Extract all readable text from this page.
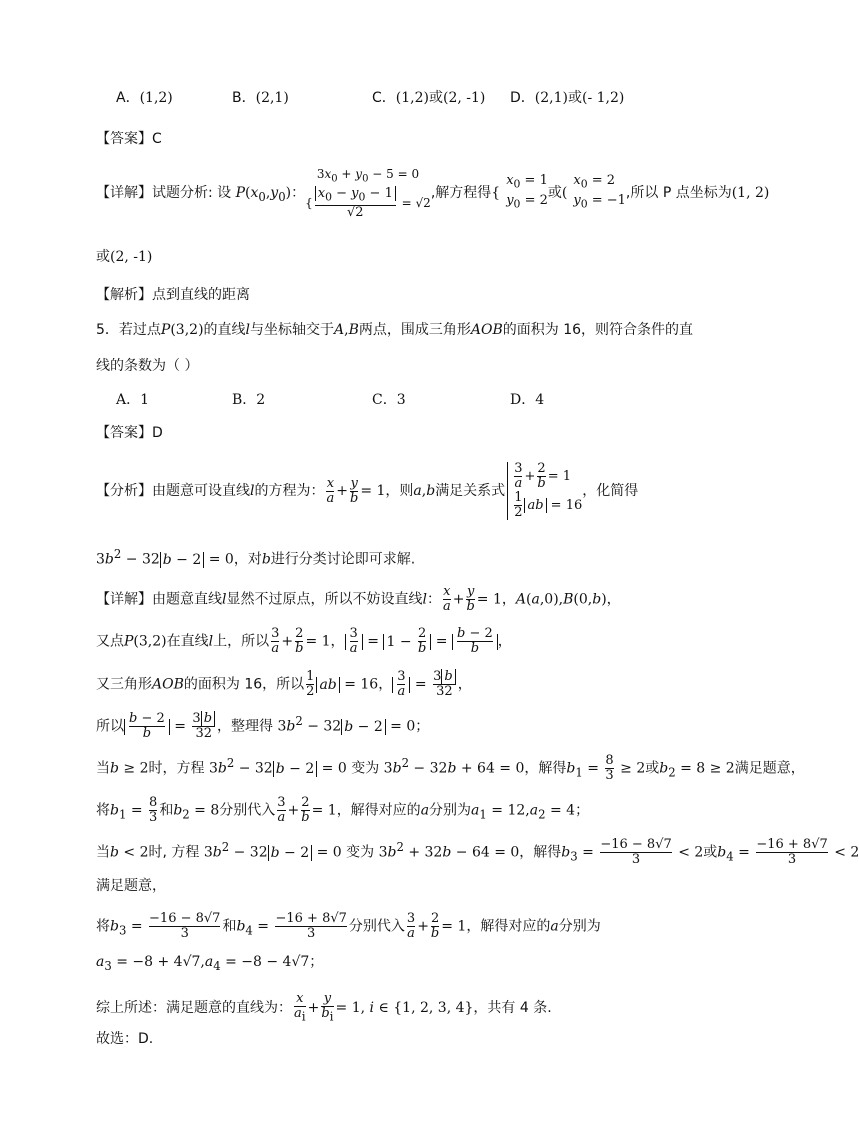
A．(1,2)	B．(2,1)	C．(1,2)或(2, -1) D．(2,1)或(- 1,2)
【答案】C
【详解】试题分析: 设 $P(x_0,y_0)$：
$3x_0 + y_0 - 5 = 0$
{ $\frac{x_0 - y_0 - 1}{√2} = √2$
,解方程得{
$x_0 = 1$
$y_0 = 2$ 或(
$x_0 = 2$
$y_0 = -1$ ,所以 P 点坐标为(1, 2)
或(2, -1)
【解析】点到直线的距离
5．若过点P(3,2)的直线l与坐标轴交于A,B两点，围成三角形AOB的面积为 16，则符合条件的直
线的条数为（ ）
A．1	B．2	C．3	D．4
【答案】D
【分析】由题意可设直线l的方程为： $\frac{x}{a} + \frac{y}{b} = 1$，则a,b满足关系式 $\frac{3}{a} + \frac{2}{b} = 1$
$\frac{1}{2}$ ab = 16
，化简得
$3b^2 - 32$ b − 2 = 0，对b进行分类讨论即可求解.
【详解】由题意直线l显然不过原点，所以不妨设直线l： $\frac{x}{a} + \frac{y}{b} = 1$，A(a,0),B(0,b)，
又点P(3,2)在直线l上，所以 $\frac{3}{a} + \frac{2}{b} = 1$， $\frac{3}{a} = 1 - \frac{2}{b} = \frac{b - 2}{b}$ ，
又三角形AOB的面积为 16，所以 $\frac{1}{2}$ ab = 16， $\frac{3}{a} = \frac{3 b}{32}$ ，
所以 $\frac{b - 2}{b} = \frac{3 b}{32}$ ，整理得 $3b^2 - 32$ b − 2 = 0；
当b ≥ 2时，方程 $3b^2 - 32$ b − 2 = 0 变为 $3b^2 - 32b + 64 = 0$，解得$b_1 = \frac{8}{3} \ge 2$或$b_2 = 8 \ge 2$满足题意，
将$b_1 = \frac{8}{3}$ 和$b_2 = 8$分别代入 $\frac{3}{a} + \frac{2}{b} = 1$，解得对应的a分别为$a_1 = 12,a_2 = 4$；
当b < 2时, 方程 $3b^2 - 32$ b − 2 = 0 变为 $3b^2 + 32b - 64 = 0$，解得$b_3 = \frac{-16 - 8√7}{3} < 2$或$b_4 = \frac{-16 + 8√7}{3} < 2$
满足题意，
将$b_3 = \frac{-16 - 8√7}{3}$ 和$b_4 = \frac{-16 + 8√7}{3}$ 分别代入 $\frac{3}{a} + \frac{2}{b} = 1$，解得对应的a分别为
$a_3 = -8 + 4√7,a_4 = -8 - 4√7$；
综上所述：满足题意的直线为： $\frac{x}{a_i} + \frac{y}{b_i} = 1$, i ∈ {1, 2, 3, 4}，共有 4 条.
故选：D.
